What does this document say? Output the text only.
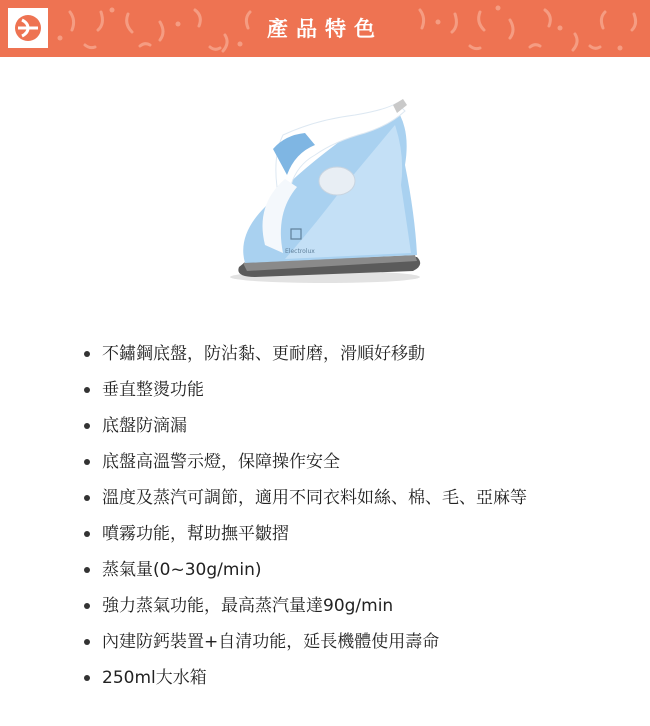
產品特色
Electrolux
不鏽鋼底盤，防沾黏、更耐磨，滑順好移動
垂直整燙功能
底盤防滴漏
底盤高溫警示燈，保障操作安全
溫度及蒸汽可調節，適用不同衣料如絲、棉、毛、亞麻等
噴霧功能，幫助撫平皺摺
蒸氣量(0~30g/min)
強力蒸氣功能，最高蒸汽量達90g/min
內建防鈣裝置+自清功能，延長機體使用壽命
250ml大水箱
